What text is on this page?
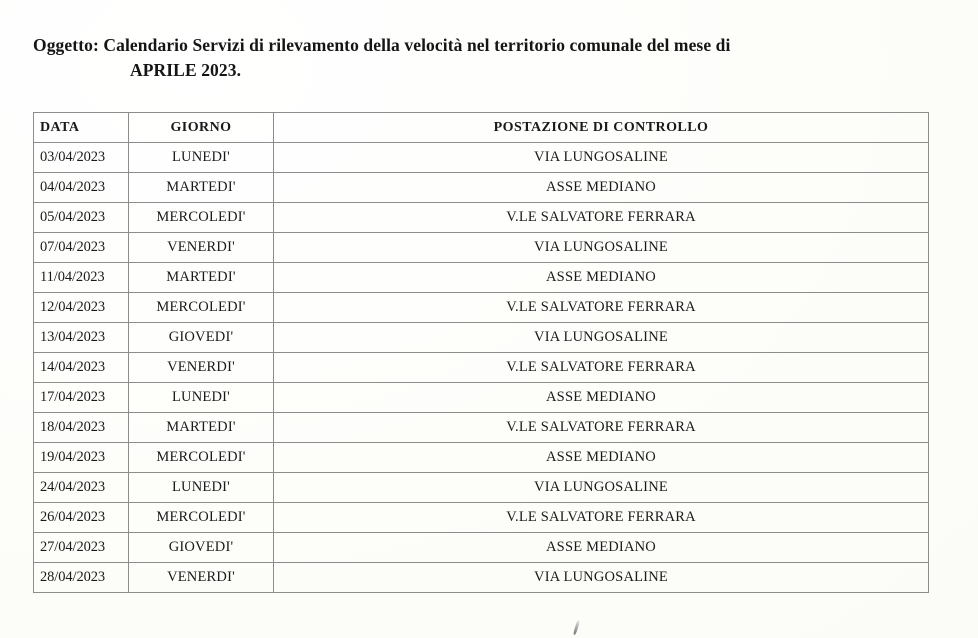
Oggetto: Calendario Servizi di rilevamento della velocità nel territorio comunale del mese di
APRILE 2023.
DATA	GIORNO	POSTAZIONE DI CONTROLLO
03/04/2023	LUNEDI'	VIA LUNGOSALINE
04/04/2023	MARTEDI'	ASSE MEDIANO
05/04/2023	MERCOLEDI'	V.LE SALVATORE FERRARA
07/04/2023	VENERDI'	VIA LUNGOSALINE
11/04/2023	MARTEDI'	ASSE MEDIANO
12/04/2023	MERCOLEDI'	V.LE SALVATORE FERRARA
13/04/2023	GIOVEDI'	VIA LUNGOSALINE
14/04/2023	VENERDI'	V.LE SALVATORE FERRARA
17/04/2023	LUNEDI'	ASSE MEDIANO
18/04/2023	MARTEDI'	V.LE SALVATORE FERRARA
19/04/2023	MERCOLEDI'	ASSE MEDIANO
24/04/2023	LUNEDI'	VIA LUNGOSALINE
26/04/2023	MERCOLEDI'	V.LE SALVATORE FERRARA
27/04/2023	GIOVEDI'	ASSE MEDIANO
28/04/2023	VENERDI'	VIA LUNGOSALINE
